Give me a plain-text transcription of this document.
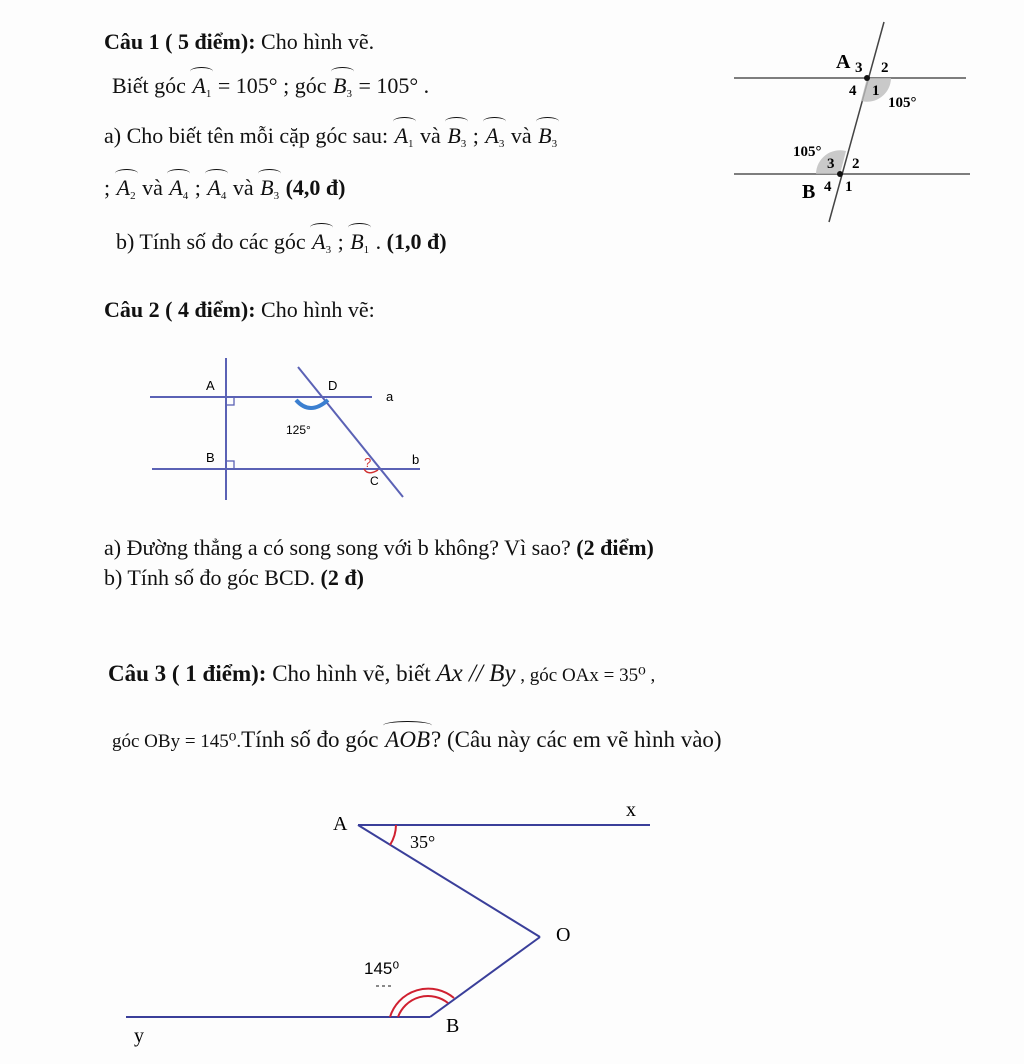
Câu 1 ( 5 điểm): Cho hình vẽ.
Biết góc $A_1 = 105^\circ$ ; góc $B_3 = 105^\circ$ .
a) Cho biết tên mỗi cặp góc sau: $A_1$ và $B_3$ ; $A_3$ và $B_3$
; $A_2$ và $A_4$ ; $A_4$ và $B_3$ (4,0 đ)
b) Tính số đo các góc $A_3$ ; $B_1$ . (1,0 đ)
A 3 2
4 1
105°
105°
3 2
B 4 1
Câu 2 ( 4 điểm): Cho hình vẽ:
A	D
a
125°
B	?	b
C
a) Đường thẳng a có song song với b không? Vì sao? (2 điểm)
b) Tính số đo góc BCD. (2 đ)
Câu 3 ( 1 điểm): Cho hình vẽ, biết Ax // By , góc OAx = 35⁰ ,
góc OBy = 145⁰.Tính số đo góc AOB? (Câu này các em vẽ hình vào)
A
x
35°
O
145⁰
B
y
